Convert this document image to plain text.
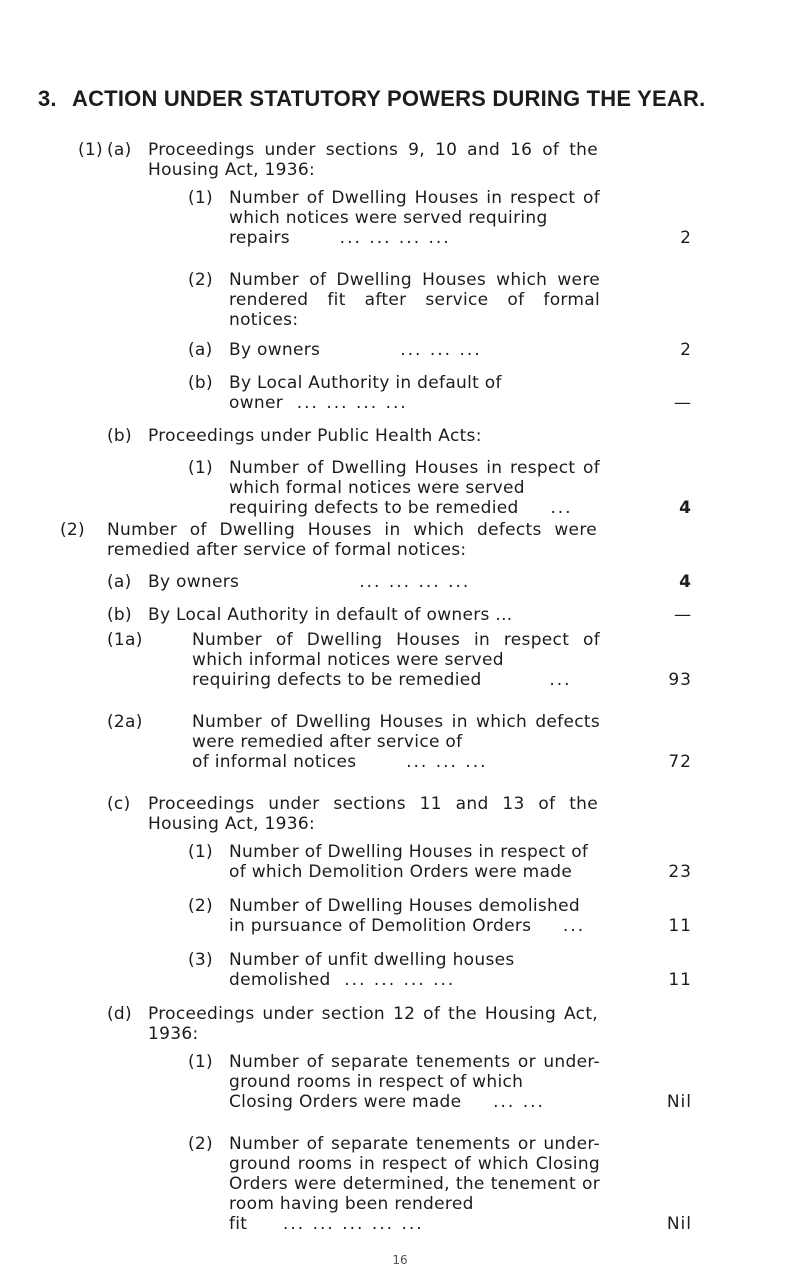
3. ACTION UNDER STATUTORY POWERS DURING THE YEAR.
(1) (a) Proceedings under sections 9, 10 and 16 of the Housing Act, 1936:
(1) Number of Dwelling Houses in respect of which notices were served requiring
repairs	... ... ... ...	2
(2) Number of Dwelling Houses which were rendered fit after service of formal notices:
(a) By owners	... ... ...	2
(b) By Local Authority in default of
owner ... ... ... ...	—
(b) Proceedings under Public Health Acts:
(1) Number of Dwelling Houses in respect of which formal notices were served
requiring defects to be remedied ...	4
(2) Number of Dwelling Houses in which defects were remedied after service of formal notices:
(a) By owners	... ... ... ...	4
(b) By Local Authority in default of owners ...	—
(1a)	Number of Dwelling Houses in respect of which informal notices were served
requiring defects to be remedied	...	93
(2a)	Number of Dwelling Houses in which defects were remedied after service of
of informal notices	... ... ...	72
(c) Proceedings under sections 11 and 13 of the Housing Act, 1936:
(1) Number of Dwelling Houses in respect of
of which Demolition Orders were made	23
(2) Number of Dwelling Houses demolished
in pursuance of Demolition Orders ...	11
(3) Number of unfit dwelling houses
demolished ... ... ... ...	11
(d) Proceedings under section 12 of the Housing Act, 1936:
(1) Number of separate tenements or under-ground rooms in respect of which
Closing Orders were made ... ...	Nil
(2) Number of separate tenements or under-ground rooms in respect of which Closing Orders were determined, the tenement or room having been rendered
fit ... ... ... ... ...	Nil
16
